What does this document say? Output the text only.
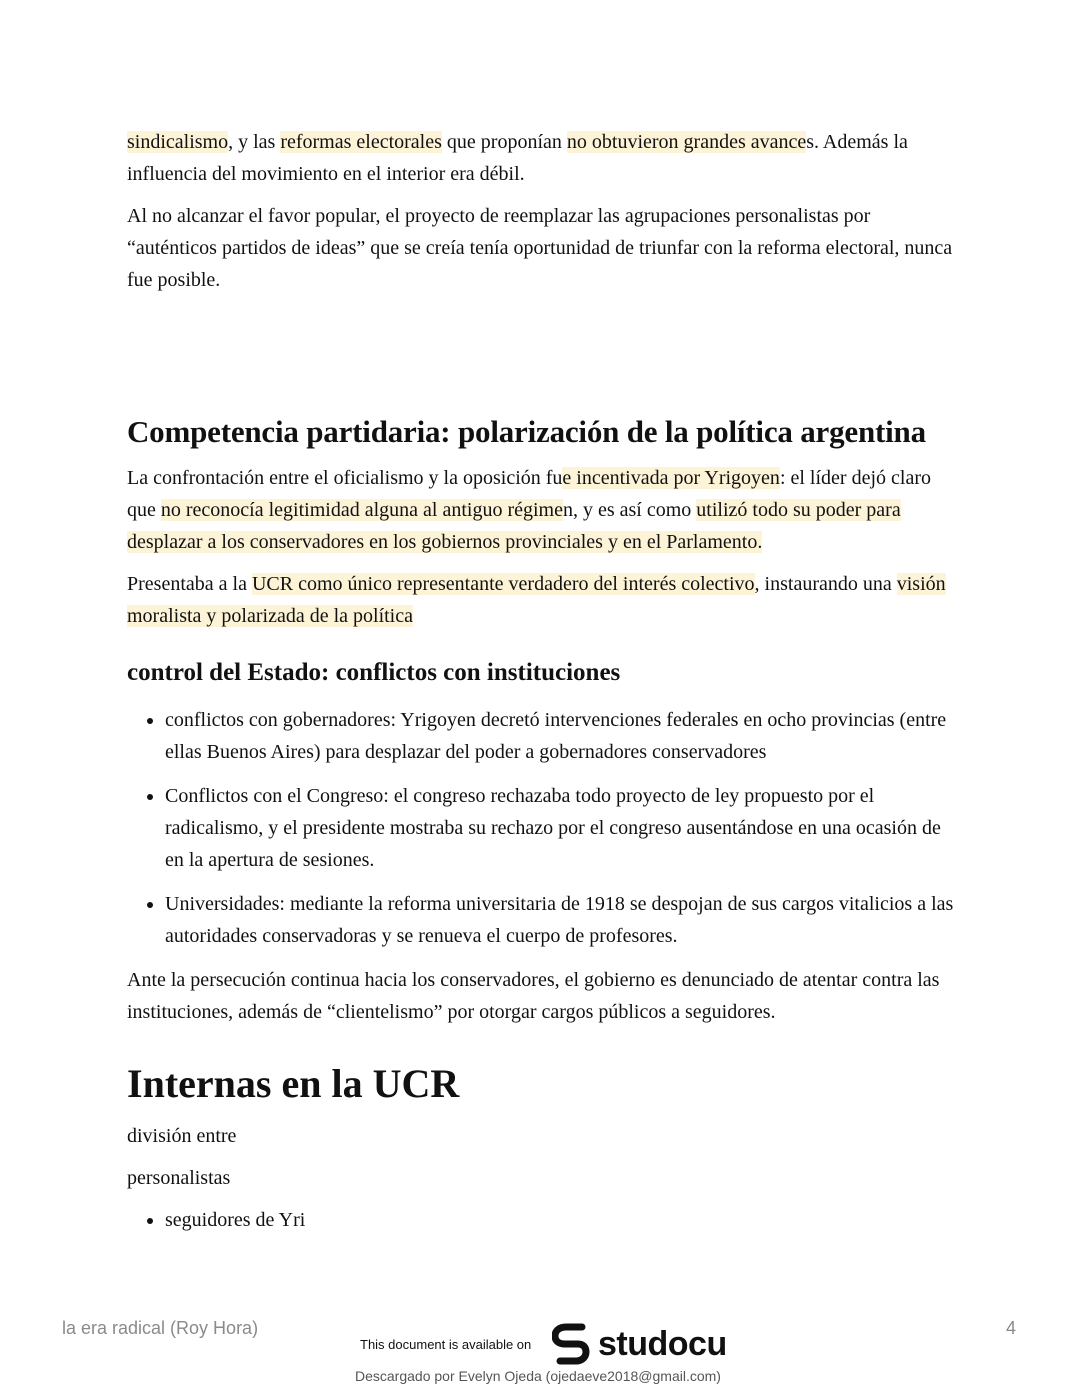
sindicalismo, y las reformas electorales que proponían no obtuvieron grandes avances. Además la influencia del movimiento en el interior era débil.

Al no alcanzar el favor popular, el proyecto de reemplazar las agrupaciones personalistas por “auténticos partidos de ideas” que se creía tenía oportunidad de triunfar con la reforma electoral, nunca fue posible.

Competencia partidaria: polarización de la política argentina

La confrontación entre el oficialismo y la oposición fue incentivada por Yrigoyen: el líder dejó claro que no reconocía legitimidad alguna al antiguo régimen, y es así como utilizó todo su poder para desplazar a los conservadores en los gobiernos provinciales y en el Parlamento.

Presentaba a la UCR como único representante verdadero del interés colectivo, instaurando una visión moralista y polarizada de la política

control del Estado: conflictos con instituciones
• conflictos con gobernadores: Yrigoyen decretó intervenciones federales en ocho provincias (entre ellas Buenos Aires) para desplazar del poder a gobernadores conservadores
• Conflictos con el Congreso: el congreso rechazaba todo proyecto de ley propuesto por el radicalismo, y el presidente mostraba su rechazo por el congreso ausentándose en una ocasión de en la apertura de sesiones.
• Universidades: mediante la reforma universitaria de 1918 se despojan de sus cargos vitalicios a las autoridades conservadoras y se renueva el cuerpo de profesores.

Ante la persecución continua hacia los conservadores, el gobierno es denunciado de atentar contra las instituciones, además de “clientelismo” por otorgar cargos públicos a seguidores.

Internas en la UCR

división entre

personalistas

• seguidores de Yri
la era radical (Roy Hora)	4
This document is available on studocu
Descargado por Evelyn Ojeda (ojedaeve2018@gmail.com)
